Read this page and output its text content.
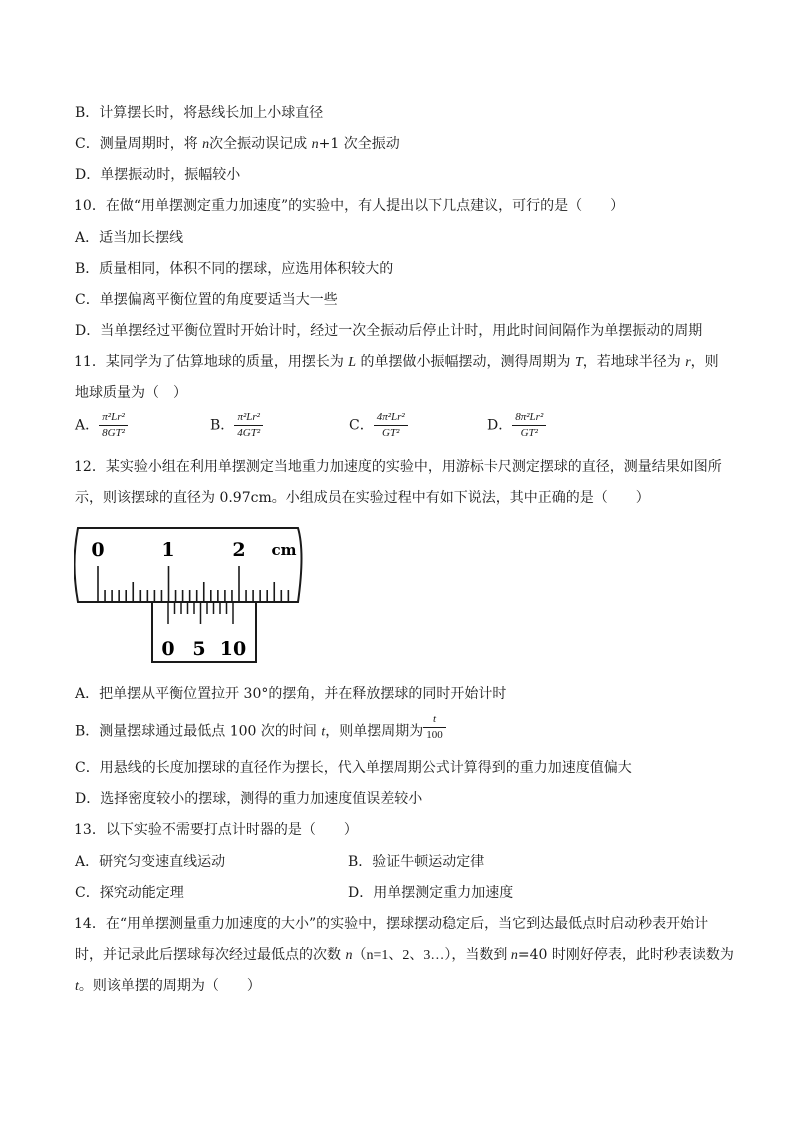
B．计算摆长时，将悬线长加上小球直径
C．测量周期时，将 n次全振动误记成 n+1 次全振动
D．单摆振动时，振幅较小
10．在做“用单摆测定重力加速度”的实验中，有人提出以下几点建议，可行的是（　　）
A．适当加长摆线
B．质量相同，体积不同的摆球，应选用体积较大的
C．单摆偏离平衡位置的角度要适当大一些
D．当单摆经过平衡位置时开始计时，经过一次全振动后停止计时，用此时间间隔作为单摆振动的周期
11．某同学为了估算地球的质量，用摆长为 L 的单摆做小振幅摆动，测得周期为 T，若地球半径为 r，则
地球质量为（　）
A． $\frac{\text{π²Lr²}}{\text{8GT²}}$	B． $\frac{\text{π²Lr²}}{\text{4GT²}}$	C． $\frac{\text{4π²Lr²}}{\text{GT²}}$	D． $\frac{\text{8π²Lr²}}{\text{GT²}}$
12．某实验小组在利用单摆测定当地重力加速度的实验中，用游标卡尺测定摆球的直径，测量结果如图所
示，则该摆球的直径为 0.97cm。小组成员在实验过程中有如下说法，其中正确的是（　　）
0	1	2 cm
0 5 10
A．把单摆从平衡位置拉开 30°的摆角，并在释放摆球的同时开始计时
B．测量摆球通过最低点 100 次的时间 t，则单摆周期为 $\frac{t}{100}$
C．用悬线的长度加摆球的直径作为摆长，代入单摆周期公式计算得到的重力加速度值偏大
D．选择密度较小的摆球，测得的重力加速度值误差较小
13．以下实验不需要打点计时器的是（　　）
A．研究匀变速直线运动	B．验证牛顿运动定律
C．探究动能定理	D．用单摆测定重力加速度
14．在“用单摆测量重力加速度的大小”的实验中，摆球摆动稳定后，当它到达最低点时启动秒表开始计
时，并记录此后摆球每次经过最低点的次数 n（n=1、2、3…），当数到 n=40 时刚好停表，此时秒表读数为
t。则该单摆的周期为（　　）
